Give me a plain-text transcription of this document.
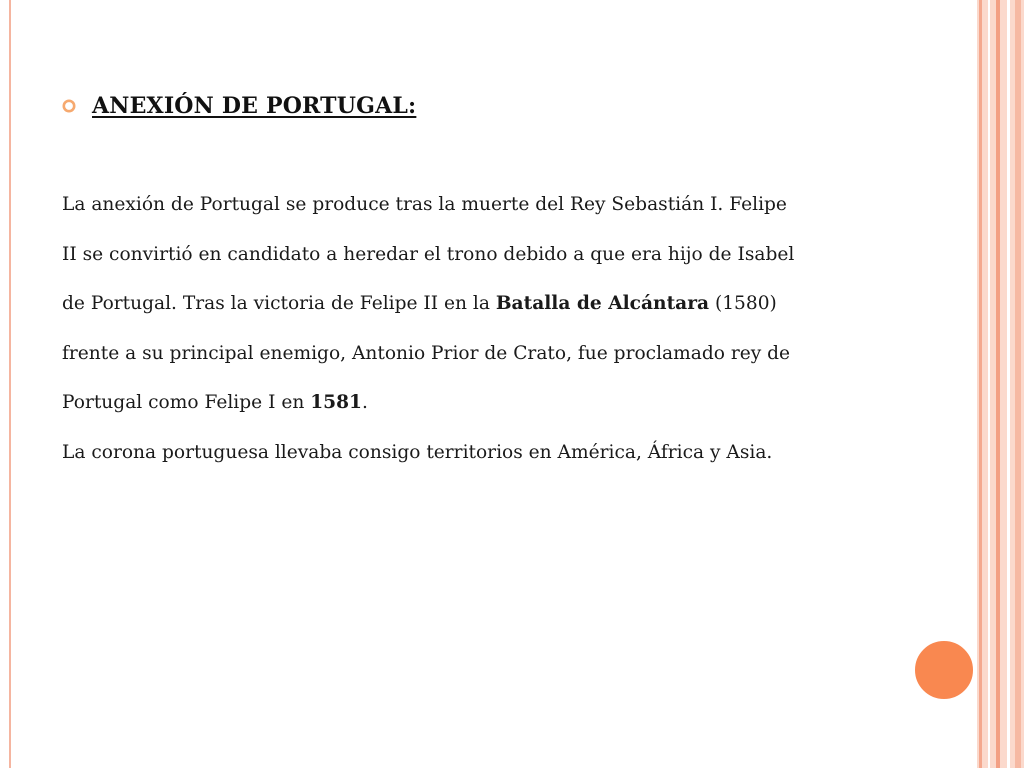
ANEXIÓN DE PORTUGAL:

La anexión de Portugal se produce tras la muerte del Rey Sebastián I. Felipe

II se convirtió en candidato a heredar el trono debido a que era hijo de Isabel

de Portugal. Tras la victoria de Felipe II en la Batalla de Alcántara (1580)

frente a su principal enemigo, Antonio Prior de Crato, fue proclamado rey de

Portugal como Felipe I en 1581.

La corona portuguesa llevaba consigo territorios en América, África y Asia.
